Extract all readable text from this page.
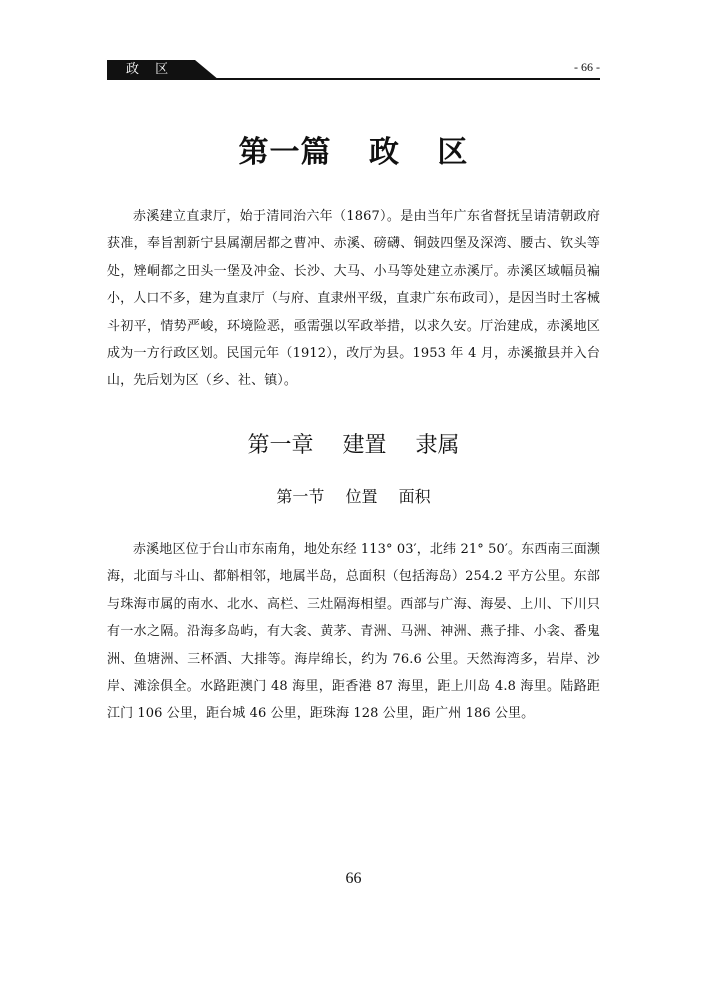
政 区	- 66 -
第一篇 政 区

赤溪建立直隶厅，始于清同治六年（1867）。是由当年广东省督抚呈请清朝政府获准，奉旨割新宁县属潮居都之曹冲、赤溪、磅礴、铜鼓四堡及深湾、腰古、钦头等处，矬峒都之田头一堡及冲金、长沙、大马、小马等处建立赤溪厅。赤溪区域幅员褊小，人口不多，建为直隶厅（与府、直隶州平级，直隶广东布政司），是因当时土客械斗初平，情势严峻，环境险恶，亟需强以军政举措，以求久安。厅治建成，赤溪地区成为一方行政区划。民国元年（1912），改厅为县。1953 年 4 月，赤溪撤县并入台山，先后划为区（乡、社、镇）。

第一章 建置 隶属
第一节 位置 面积

赤溪地区位于台山市东南角，地处东经 113° 03′，北纬 21° 50′。东西南三面濒海，北面与斗山、都斛相邻，地属半岛，总面积（包括海岛）254.2 平方公里。东部与珠海市属的南水、北水、高栏、三灶隔海相望。西部与广海、海晏、上川、下川只有一水之隔。沿海多岛屿，有大衾、黄茅、青洲、马洲、神洲、燕子排、小衾、番鬼洲、鱼塘洲、三杯酒、大排等。海岸绵长，约为 76.6 公里。天然海湾多，岩岸、沙岸、滩涂俱全。水路距澳门 48 海里，距香港 87 海里，距上川岛 4.8 海里。陆路距江门 106 公里，距台城 46 公里，距珠海 128 公里，距广州 186 公里。

66
